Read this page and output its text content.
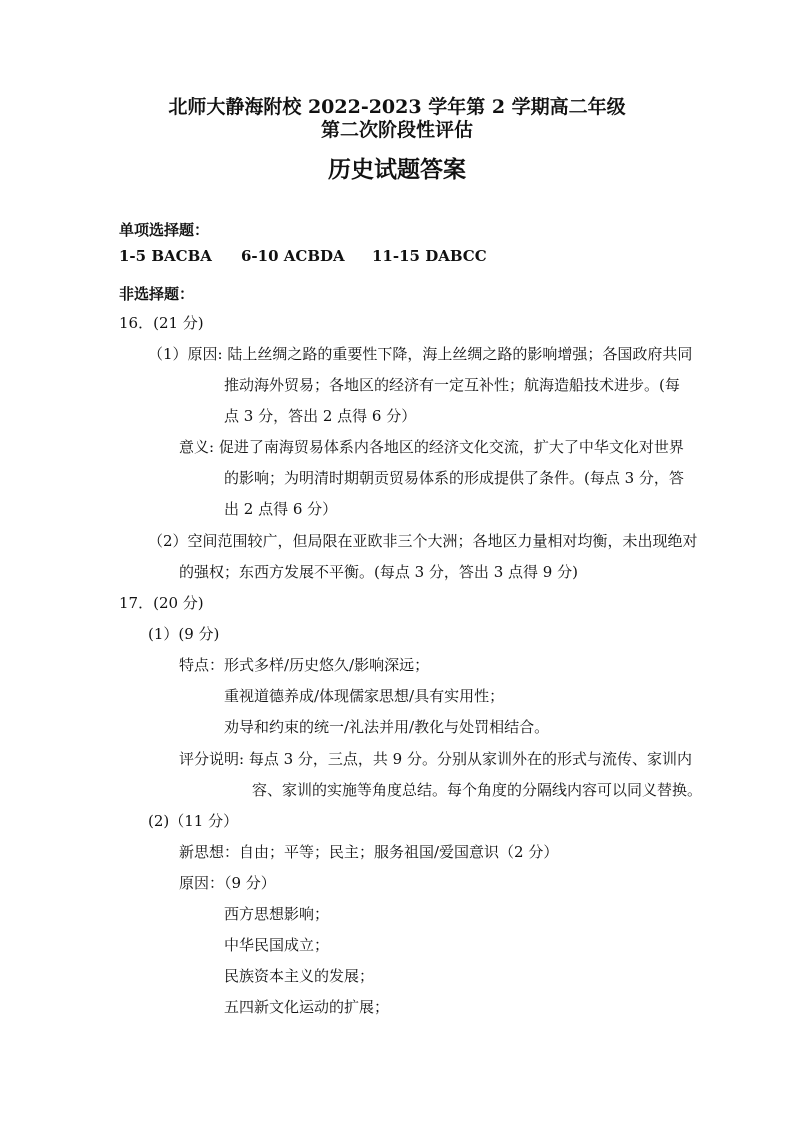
北师大静海附校 2022-2023 学年第 2 学期高二年级
第二次阶段性评估
历史试题答案
单项选择题：
1-5 BACBA 6-10 ACBDA 11-15 DABCC
非选择题：
16．(21 分)
（1）原因: 陆上丝绸之路的重要性下降，海上丝绸之路的影响增强；各国政府共同
推动海外贸易；各地区的经济有一定互补性；航海造船技术进步。(每
点 3 分，答出 2 点得 6 分）
意义: 促进了南海贸易体系内各地区的经济文化交流，扩大了中华文化对世界
的影响；为明清时期朝贡贸易体系的形成提供了条件。(每点 3 分，答
出 2 点得 6 分）
（2）空间范围较广，但局限在亚欧非三个大洲；各地区力量相对均衡，未出现绝对
的强权；东西方发展不平衡。(每点 3 分，答出 3 点得 9 分)
17．(20 分)
(1）(9 分)
特点：形式多样/历史悠久/影响深远；
重视道德养成/体现儒家思想/具有实用性；
劝导和约束的统一/礼法并用/教化与处罚相结合。
评分说明: 每点 3 分，三点，共 9 分。分别从家训外在的形式与流传、家训内
容、家训的实施等角度总结。每个角度的分隔线内容可以同义替换。
(2)（11 分）
新思想：自由；平等；民主；服务祖国/爱国意识（2 分）
原因：（9 分）
西方思想影响；
中华民国成立；
民族资本主义的发展；
五四新文化运动的扩展；
